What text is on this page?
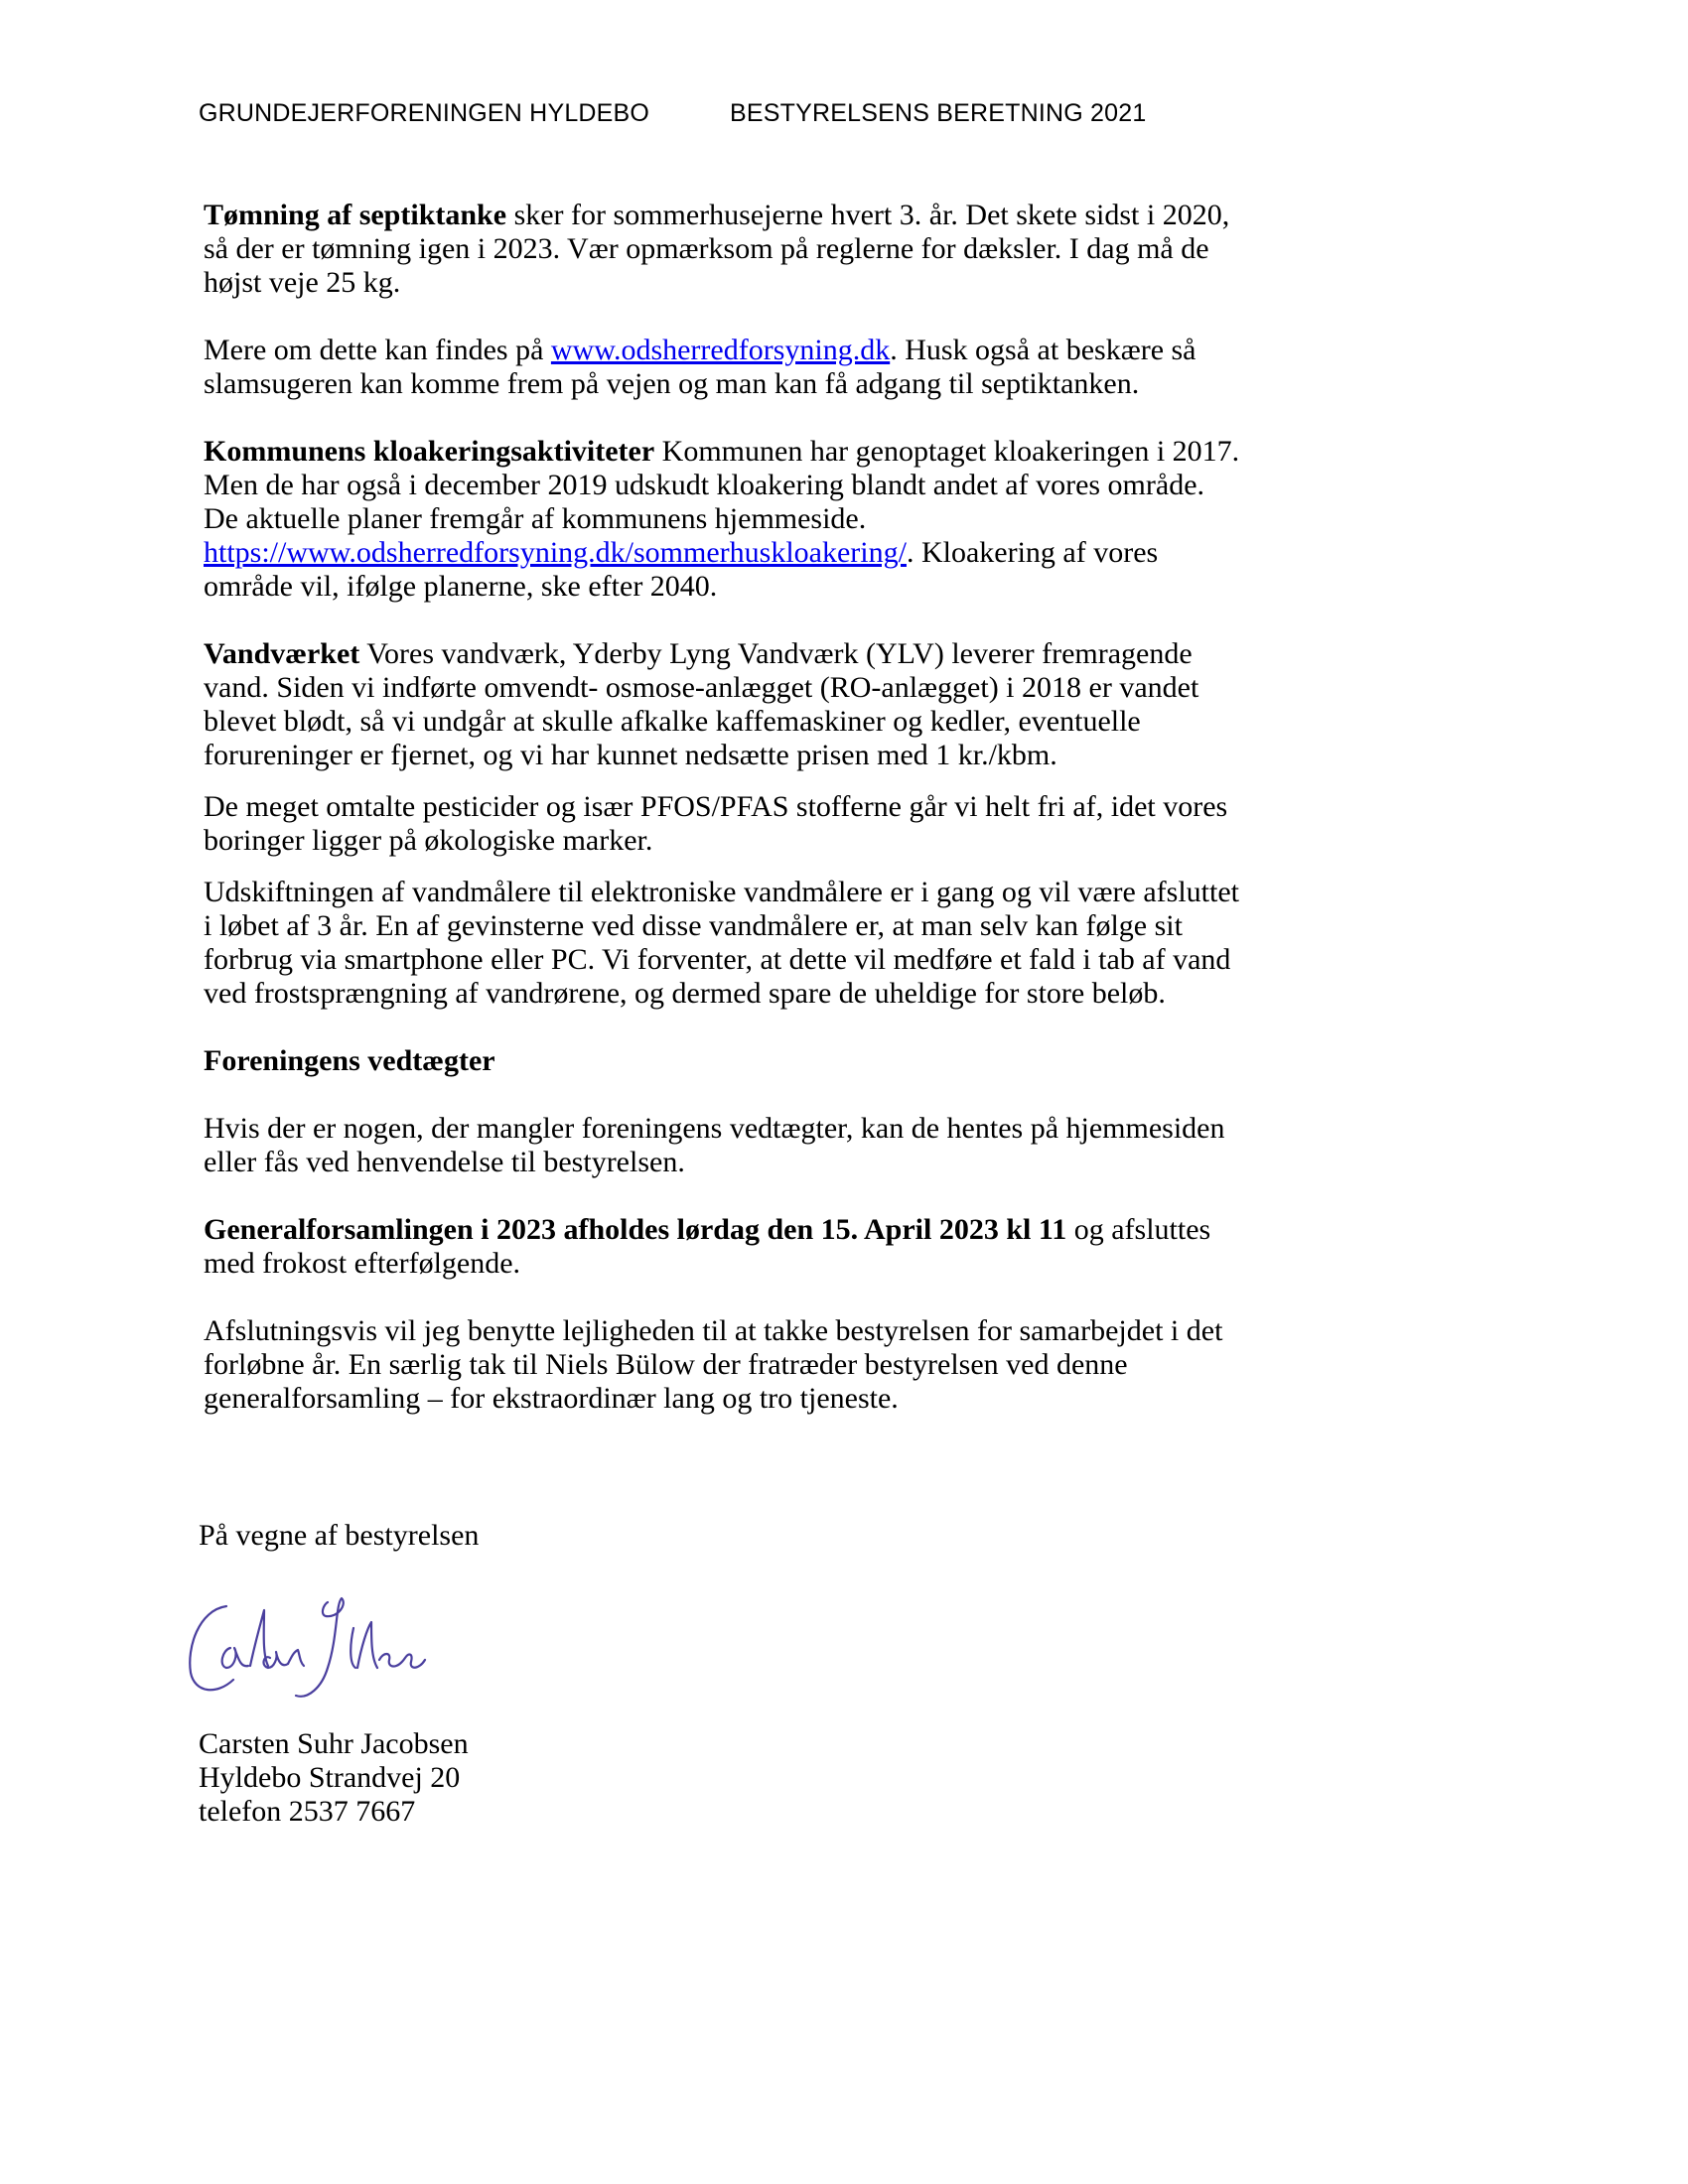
GRUNDEJERFORENINGEN HYLDEBO	BESTYRELSENS BERETNING 2021

Tømning af septiktanke sker for sommerhusejerne hvert 3. år. Det skete sidst i 2020,
så der er tømning igen i 2023. Vær opmærksom på reglerne for dæksler. I dag må de
højst veje 25 kg.

Mere om dette kan findes på www.odsherredforsyning.dk. Husk også at beskære så
slamsugeren kan komme frem på vejen og man kan få adgang til septiktanken.

Kommunens kloakeringsaktiviteter Kommunen har genoptaget kloakeringen i 2017.
Men de har også i december 2019 udskudt kloakering blandt andet af vores område.
De aktuelle planer fremgår af kommunens hjemmeside.
https://www.odsherredforsyning.dk/sommerhuskloakering/. Kloakering af vores
område vil, ifølge planerne, ske efter 2040.

Vandværket Vores vandværk, Yderby Lyng Vandværk (YLV) leverer fremragende
vand. Siden vi indførte omvendt- osmose-anlægget (RO-anlægget) i 2018 er vandet
blevet blødt, så vi undgår at skulle afkalke kaffemaskiner og kedler, eventuelle
forureninger er fjernet, og vi har kunnet nedsætte prisen med 1 kr./kbm.

De meget omtalte pesticider og især PFOS/PFAS stofferne går vi helt fri af, idet vores
boringer ligger på økologiske marker.

Udskiftningen af vandmålere til elektroniske vandmålere er i gang og vil være afsluttet
i løbet af 3 år. En af gevinsterne ved disse vandmålere er, at man selv kan følge sit
forbrug via smartphone eller PC. Vi forventer, at dette vil medføre et fald i tab af vand
ved frostsprængning af vandrørene, og dermed spare de uheldige for store beløb.

Foreningens vedtægter

Hvis der er nogen, der mangler foreningens vedtægter, kan de hentes på hjemmesiden
eller fås ved henvendelse til bestyrelsen.

Generalforsamlingen i 2023 afholdes lørdag den 15. April 2023 kl 11 og afsluttes
med frokost efterfølgende.

Afslutningsvis vil jeg benytte lejligheden til at takke bestyrelsen for samarbejdet i det
forløbne år. En særlig tak til Niels Bülow der fratræder bestyrelsen ved denne
generalforsamling – for ekstraordinær lang og tro tjeneste.

På vegne af bestyrelsen
Carsten Suhr Jacobsen
Hyldebo Strandvej 20
telefon 2537 7667
